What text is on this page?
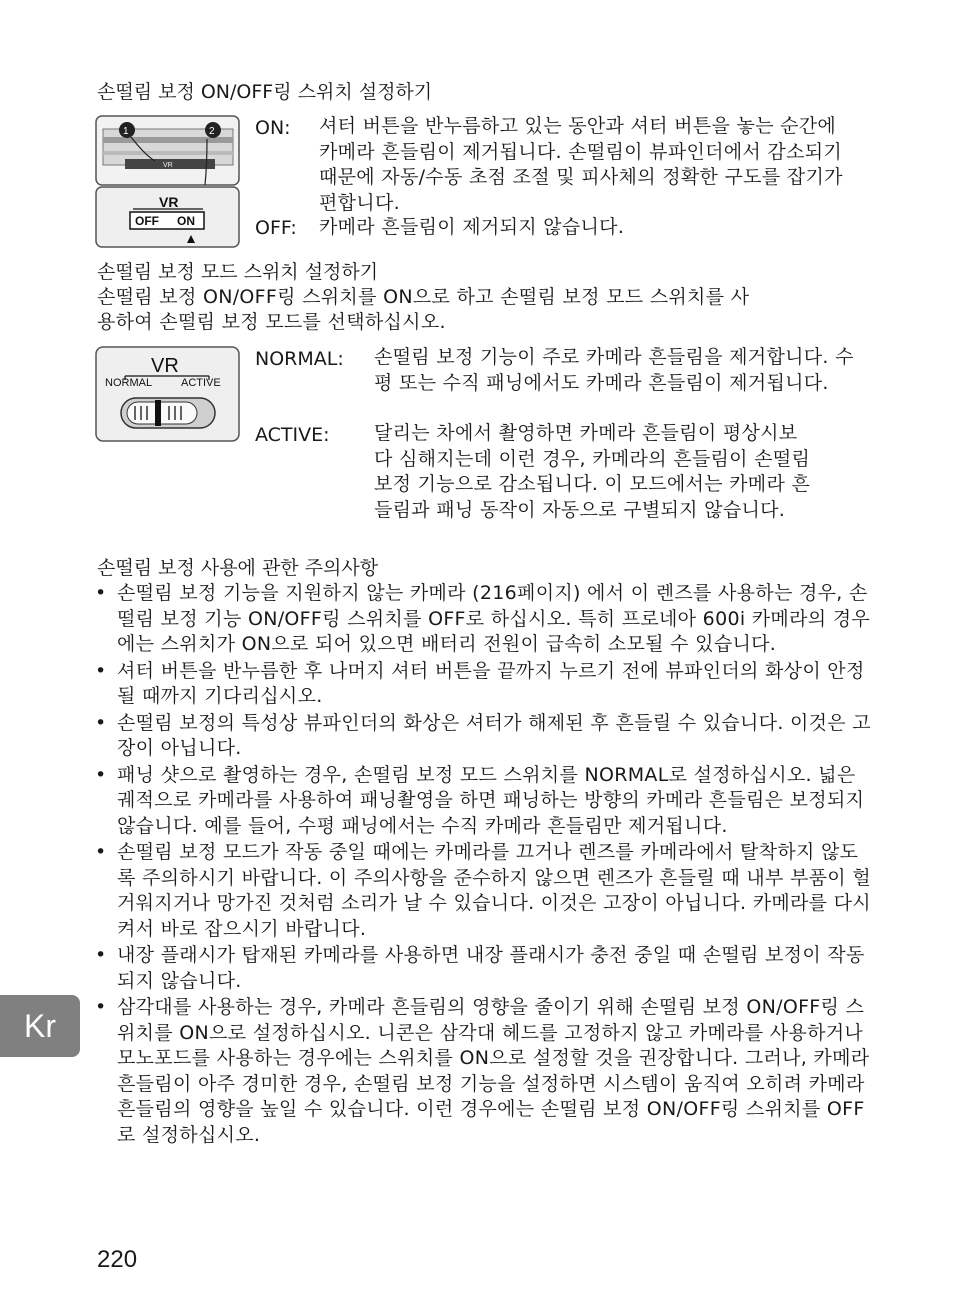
손떨림 보정 ON/OFF링 스위치 설정하기
VR
1	2
VR
OFF ON
ON: 셔터 버튼을 반누름하고 있는 동안과 셔터 버튼을 놓는 순간에 카메라 흔들림이 제거됩니다. 손떨림이 뷰파인더에서 감소되기 때문에 자동/수동 초점 조절 및 피사체의 정확한 구도를 잡기가 편합니다.
OFF: 카메라 흔들림이 제거되지 않습니다.
손떨림 보정 모드 스위치 설정하기
손떨림 보정 ON/OFF링 스위치를 ON으로 하고 손떨림 보정 모드 스위치를 사
용하여 손떨림 보정 모드를 선택하십시오.
VR
NORMAL	ACTIVE
NORMAL: 손떨림 보정 기능이 주로 카메라 흔들림을 제거합니다. 수평 또는 수직 패닝에서도 카메라 흔들림이 제거됩니다.
ACTIVE: 달리는 차에서 촬영하면 카메라 흔들림이 평상시보다 심해지는데 이런 경우, 카메라의 흔들림이 손떨림 보정 기능으로 감소됩니다. 이 모드에서는 카메라 흔들림과 패닝 동작이 자동으로 구별되지 않습니다.
손떨림 보정 사용에 관한 주의사항
• 손떨림 보정 기능을 지원하지 않는 카메라 (216페이지) 에서 이 렌즈를 사용하는 경우, 손떨림 보정 기능 ON/OFF링 스위치를 OFF로 하십시오. 특히 프로네아 600i 카메라의 경우에는 스위치가 ON으로 되어 있으면 배터리 전원이 급속히 소모될 수 있습니다.
• 셔터 버튼을 반누름한 후 나머지 셔터 버튼을 끝까지 누르기 전에 뷰파인더의 화상이 안정될 때까지 기다리십시오.
• 손떨림 보정의 특성상 뷰파인더의 화상은 셔터가 해제된 후 흔들릴 수 있습니다. 이것은 고장이 아닙니다.
• 패닝 샷으로 촬영하는 경우, 손떨림 보정 모드 스위치를 NORMAL로 설정하십시오. 넓은 궤적으로 카메라를 사용하여 패닝촬영을 하면 패닝하는 방향의 카메라 흔들림은 보정되지 않습니다. 예를 들어, 수평 패닝에서는 수직 카메라 흔들림만 제거됩니다.
• 손떨림 보정 모드가 작동 중일 때에는 카메라를 끄거나 렌즈를 카메라에서 탈착하지 않도록 주의하시기 바랍니다. 이 주의사항을 준수하지 않으면 렌즈가 흔들릴 때 내부 부품이 헐거워지거나 망가진 것처럼 소리가 날 수 있습니다. 이것은 고장이 아닙니다. 카메라를 다시 켜서 바로 잡으시기 바랍니다.
• 내장 플래시가 탑재된 카메라를 사용하면 내장 플래시가 충전 중일 때 손떨림 보정이 작동되지 않습니다.
• 삼각대를 사용하는 경우, 카메라 흔들림의 영향을 줄이기 위해 손떨림 보정 ON/OFF링 스위치를 ON으로 설정하십시오. 니콘은 삼각대 헤드를 고정하지 않고 카메라를 사용하거나 모노포드를 사용하는 경우에는 스위치를 ON으로 설정할 것을 권장합니다. 그러나, 카메라 흔들림이 아주 경미한 경우, 손떨림 보정 기능을 설정하면 시스템이 움직여 오히려 카메라 흔들림의 영향을 높일 수 있습니다. 이런 경우에는 손떨림 보정 ON/OFF링 스위치를 OFF로 설정하십시오.
Kr
220
